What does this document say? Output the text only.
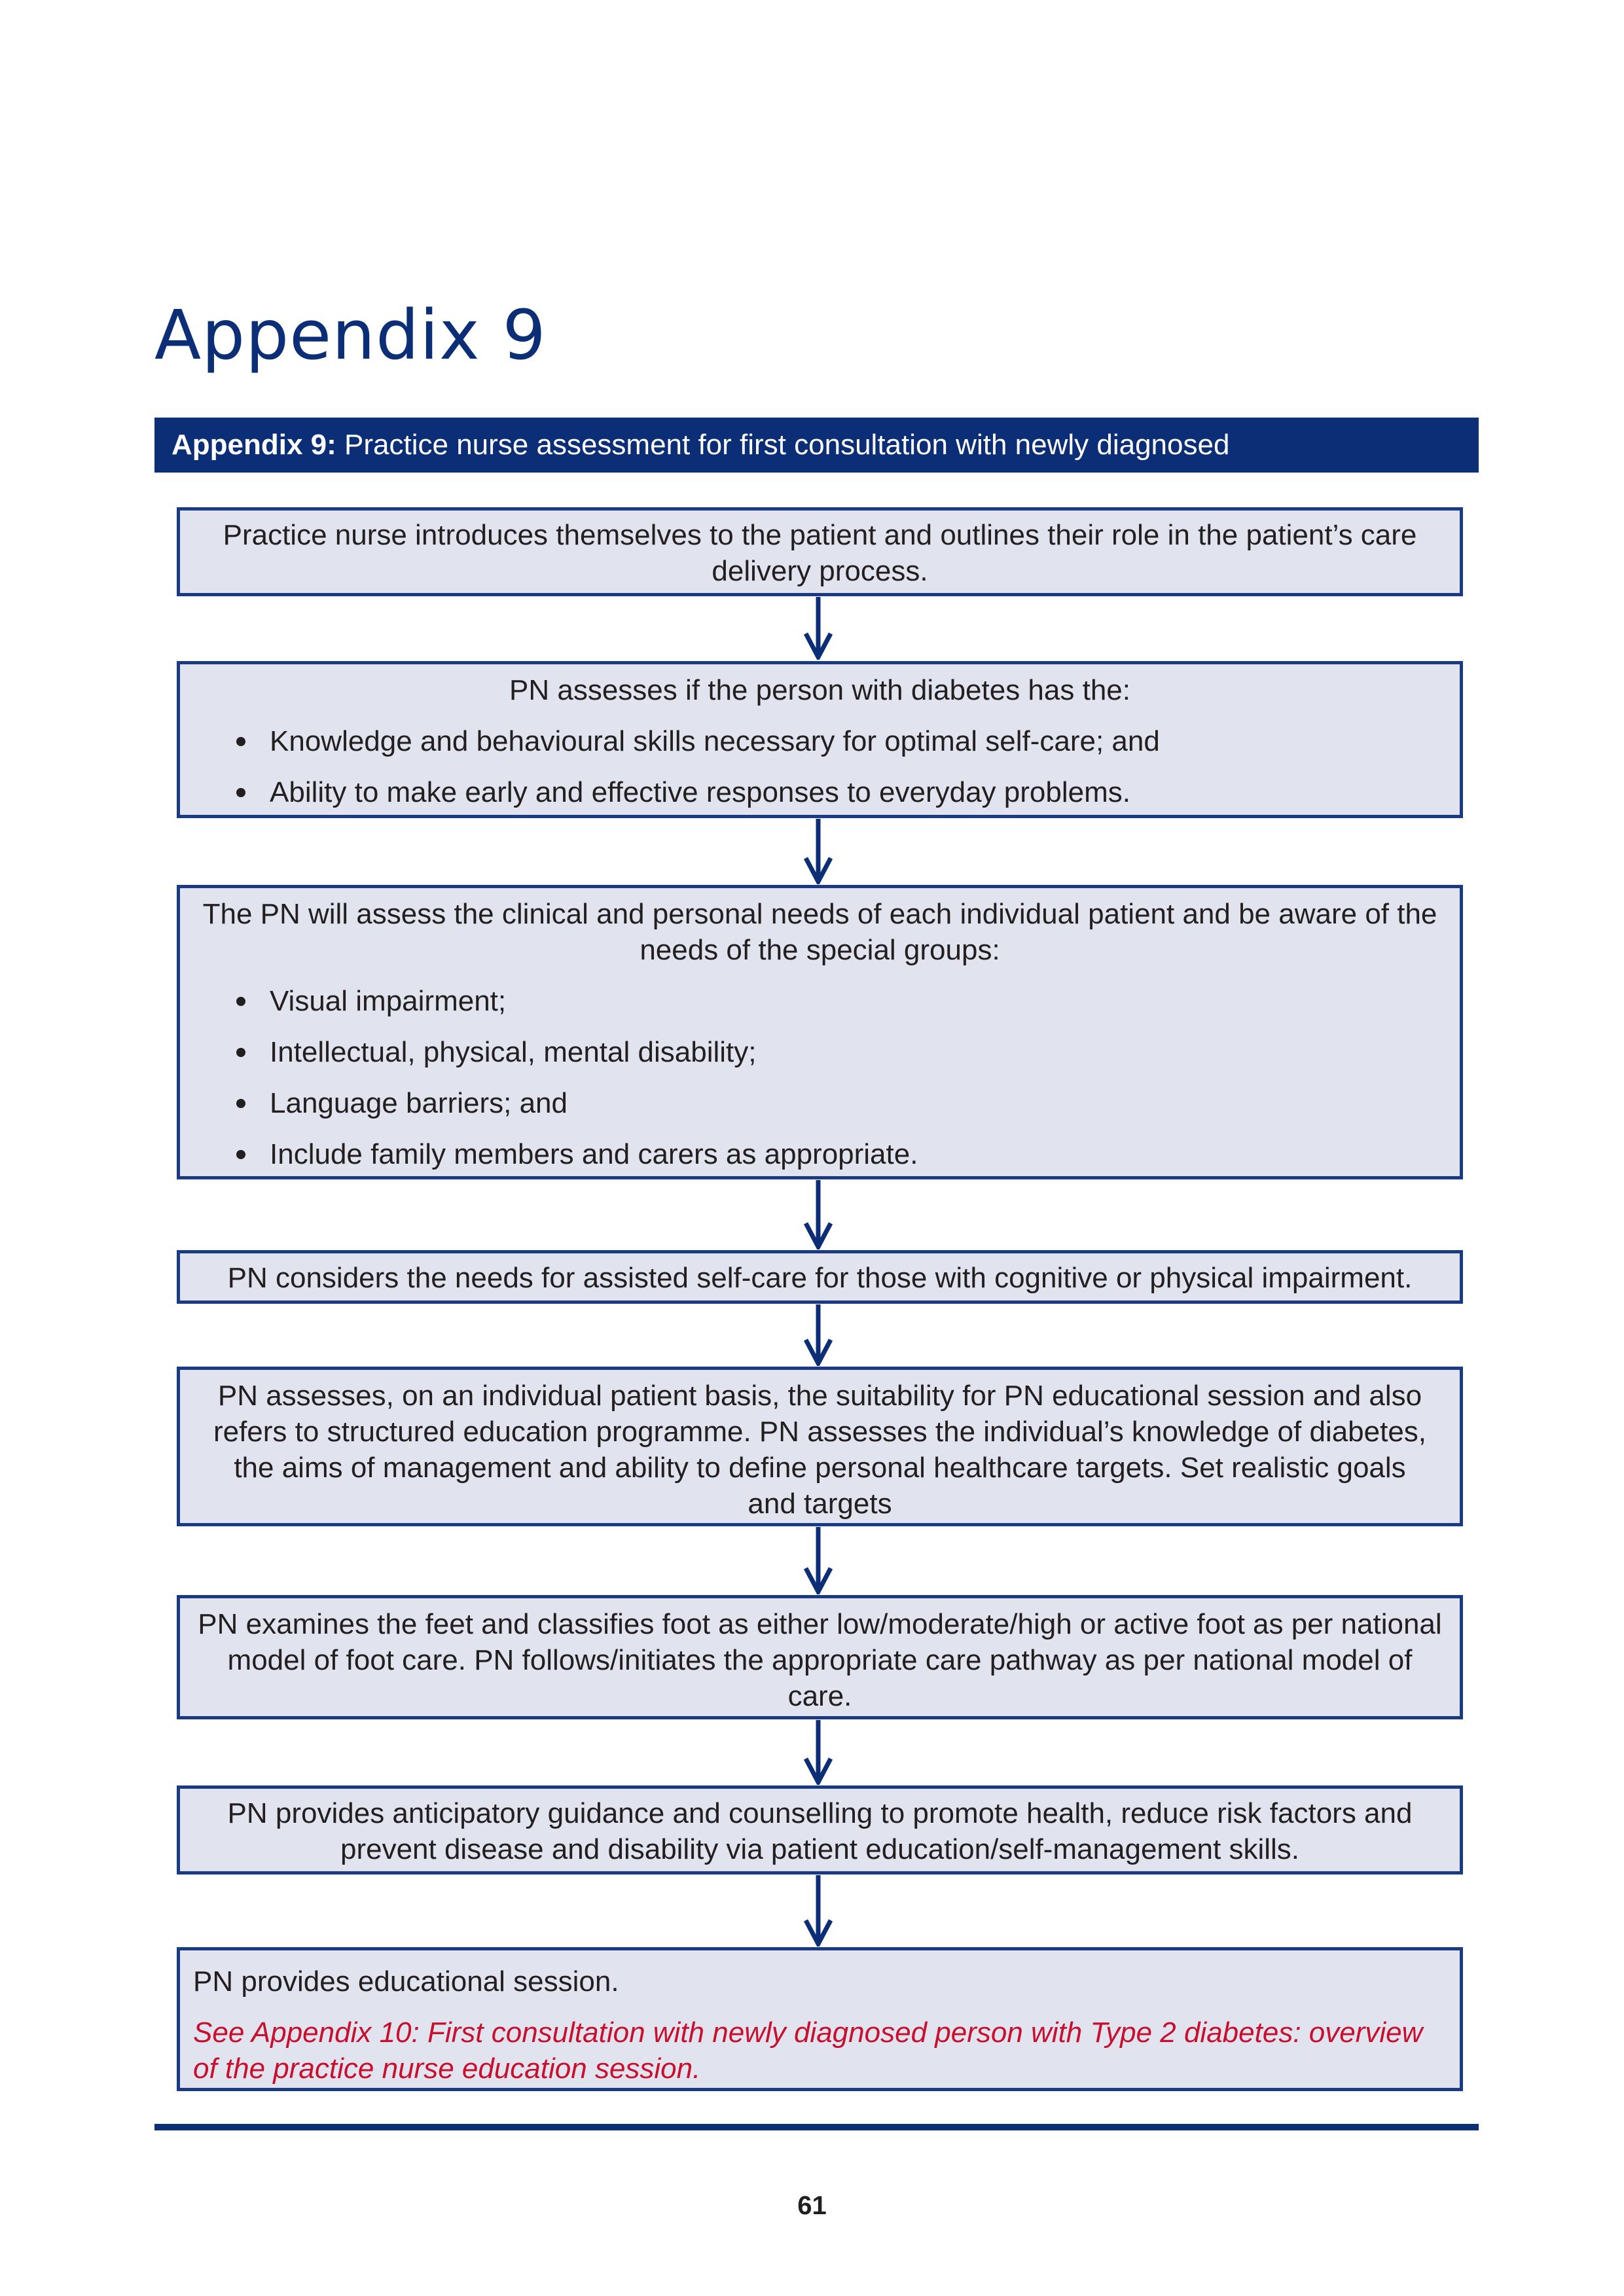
Appendix 9
Appendix 9: Practice nurse assessment for first consultation with newly diagnosed
Practice nurse introduces themselves to the patient and outlines their role in the patient’s care delivery process.
PN assesses if the person with diabetes has the:
Knowledge and behavioural skills necessary for optimal self-care; and
Ability to make early and effective responses to everyday problems.
The PN will assess the clinical and personal needs of each individual patient and be aware of the needs of the special groups:
Visual impairment;
Intellectual, physical, mental disability;
Language barriers; and
Include family members and carers as appropriate.
PN considers the needs for assisted self-care for those with cognitive or physical impairment.
PN assesses, on an individual patient basis, the suitability for PN educational session and also refers to structured education programme. PN assesses the individual’s knowledge of diabetes, the aims of management and ability to define personal healthcare targets. Set realistic goals and targets
PN examines the feet and classifies foot as either low/moderate/high or active foot as per national model of foot care. PN follows/initiates the appropriate care pathway as per national model of care.
PN provides anticipatory guidance and counselling to promote health, reduce risk factors and prevent disease and disability via patient education/self-management skills.
PN provides educational session.
See Appendix 10: First consultation with newly diagnosed person with Type 2 diabetes: overview of the practice nurse education session.
61
